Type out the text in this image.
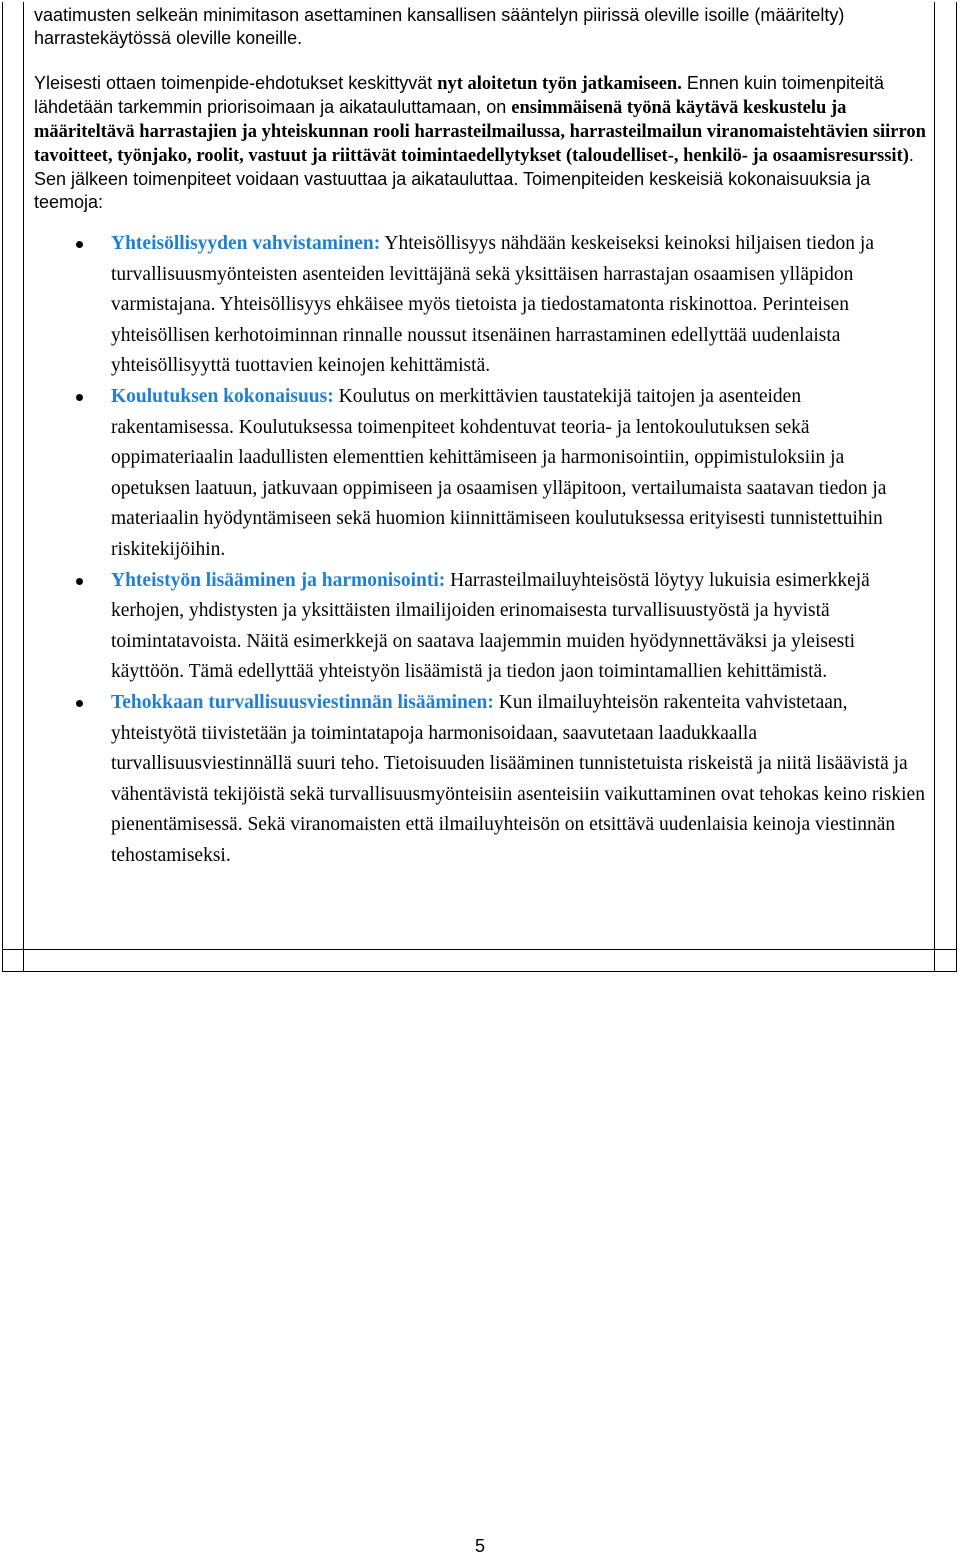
vaatimusten selkeän minimitason asettaminen kansallisen sääntelyn piirissä oleville isoille (määritelty) harrastekäytössä oleville koneille.

Yleisesti ottaen toimenpide-ehdotukset keskittyvät nyt aloitetun työn jatkamiseen. Ennen kuin toimenpiteitä lähdetään tarkemmin priorisoimaan ja aikatauluttamaan, on ensimmäisenä työnä käytävä keskustelu ja määriteltävä harrastajien ja yhteiskunnan rooli harrasteilmailussa, harrasteilmailun viranomaistehtävien siirron tavoitteet, työnjako, roolit, vastuut ja riittävät toimintaedellytykset (taloudelliset-, henkilö- ja osaamisresurssit). Sen jälkeen toimenpiteet voidaan vastuuttaa ja aikatauluttaa. Toimenpiteiden keskeisiä kokonaisuuksia ja teemoja:

Yhteisöllisyyden vahvistaminen: Yhteisöllisyys nähdään keskeiseksi keinoksi hiljaisen tiedon ja turvallisuusmyönteisten asenteiden levittäjänä sekä yksittäisen harrastajan osaamisen ylläpidon varmistajana. Yhteisöllisyys ehkäisee myös tietoista ja tiedostamatonta riskinottoa. Perinteisen yhteisöllisen kerhotoiminnan rinnalle noussut itsenäinen harrastaminen edellyttää uudenlaista yhteisöllisyyttä tuottavien keinojen kehittämistä.
Koulutuksen kokonaisuus: Koulutus on merkittävien taustatekijä taitojen ja asenteiden rakentamisessa. Koulutuksessa toimenpiteet kohdentuvat teoria- ja lentokoulutuksen sekä oppimateriaalin laadullisten elementtien kehittämiseen ja harmonisointiin, oppimistuloksiin ja opetuksen laatuun, jatkuvaan oppimiseen ja osaamisen ylläpitoon, vertailumaista saatavan tiedon ja materiaalin hyödyntämiseen sekä huomion kiinnittämiseen koulutuksessa erityisesti tunnistettuihin riskitekijöihin.
Yhteistyön lisääminen ja harmonisointi: Harrasteilmailuyhteisöstä löytyy lukuisia esimerkkejä kerhojen, yhdistysten ja yksittäisten ilmailijoiden erinomaisesta turvallisuustyöstä ja hyvistä toimintatavoista. Näitä esimerkkejä on saatava laajemmin muiden hyödynnettäväksi ja yleisesti käyttöön. Tämä edellyttää yhteistyön lisäämistä ja tiedon jaon toimintamallien kehittämistä.
Tehokkaan turvallisuusviestinnän lisääminen: Kun ilmailuyhteisön rakenteita vahvistetaan, yhteistyötä tiivistetään ja toimintatapoja harmonisoidaan, saavutetaan laadukkaalla turvallisuusviestinnällä suuri teho. Tietoisuuden lisääminen tunnistetuista riskeistä ja niitä lisäävistä ja vähentävistä tekijöistä sekä turvallisuusmyönteisiin asenteisiin vaikuttaminen ovat tehokas keino riskien pienentämisessä. Sekä viranomaisten että ilmailuyhteisön on etsittävä uudenlaisia keinoja viestinnän tehostamiseksi.
5
